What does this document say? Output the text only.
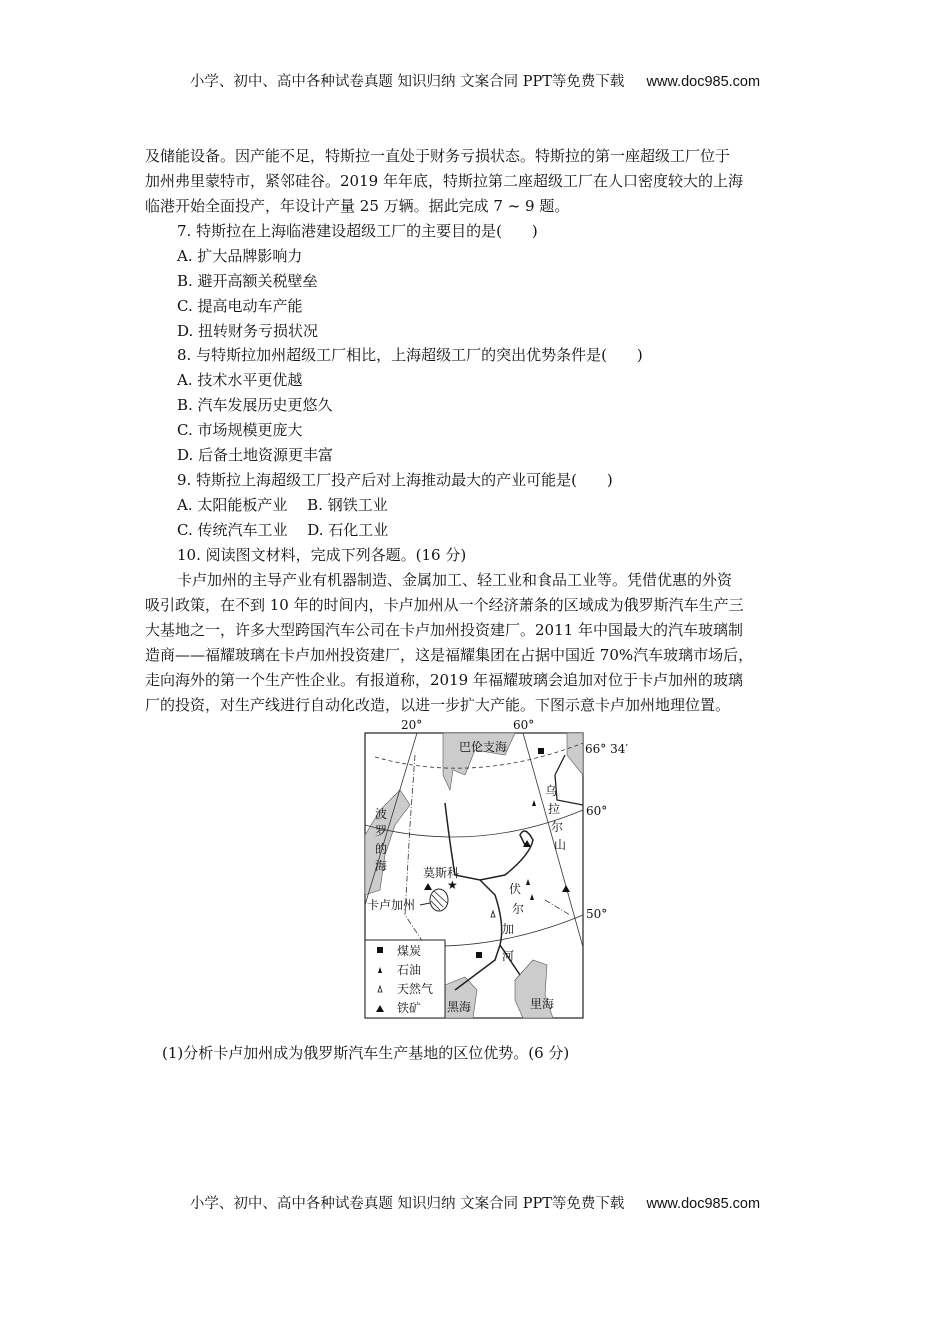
小学、初中、高中各种试卷真题 知识归纳 文案合同 PPT等免费下载 www.doc985.com
及储能设备。因产能不足，特斯拉一直处于财务亏损状态。特斯拉的第一座超级工厂位于
加州弗里蒙特市，紧邻硅谷。2019 年年底，特斯拉第二座超级工厂在人口密度较大的上海
临港开始全面投产，年设计产量 25 万辆。据此完成 7 ~ 9 题。
7. 特斯拉在上海临港建设超级工厂的主要目的是(　　)
A. 扩大品牌影响力
B. 避开高额关税壁垒
C. 提高电动车产能
D. 扭转财务亏损状况
8. 与特斯拉加州超级工厂相比，上海超级工厂的突出优势条件是(　　)
A. 技术水平更优越
B. 汽车发展历史更悠久
C. 市场规模更庞大
D. 后备土地资源更丰富
9. 特斯拉上海超级工厂投产后对上海推动最大的产业可能是(　　)
A. 太阳能板产业　 B. 钢铁工业
C. 传统汽车工业　 D. 石化工业
10. 阅读图文材料，完成下列各题。(16 分)
卡卢加州的主导产业有机器制造、金属加工、轻工业和食品工业等。凭借优惠的外资
吸引政策，在不到 10 年的时间内，卡卢加州从一个经济萧条的区域成为俄罗斯汽车生产三
大基地之一，许多大型跨国汽车公司在卡卢加州投资建厂。2011 年中国最大的汽车玻璃制
造商——福耀玻璃在卡卢加州投资建厂，这是福耀集团在占据中国近 70%汽车玻璃市场后，
走向海外的第一个生产性企业。有报道称，2019 年福耀玻璃会追加对位于卡卢加州的玻璃
厂的投资，对生产线进行自动化改造，以进一步扩大产能。下图示意卡卢加州地理位置。
★
煤炭
石油
天然气
铁矿
20°	60°
66° 34′
60°
50°
巴伦支海
波
罗
的
海
乌
拉
尔
山
伏
尔
加
河
莫斯科
卡卢加州
黑海	里海
(1)分析卡卢加州成为俄罗斯汽车生产基地的区位优势。(6 分)
小学、初中、高中各种试卷真题 知识归纳 文案合同 PPT等免费下载 www.doc985.com
